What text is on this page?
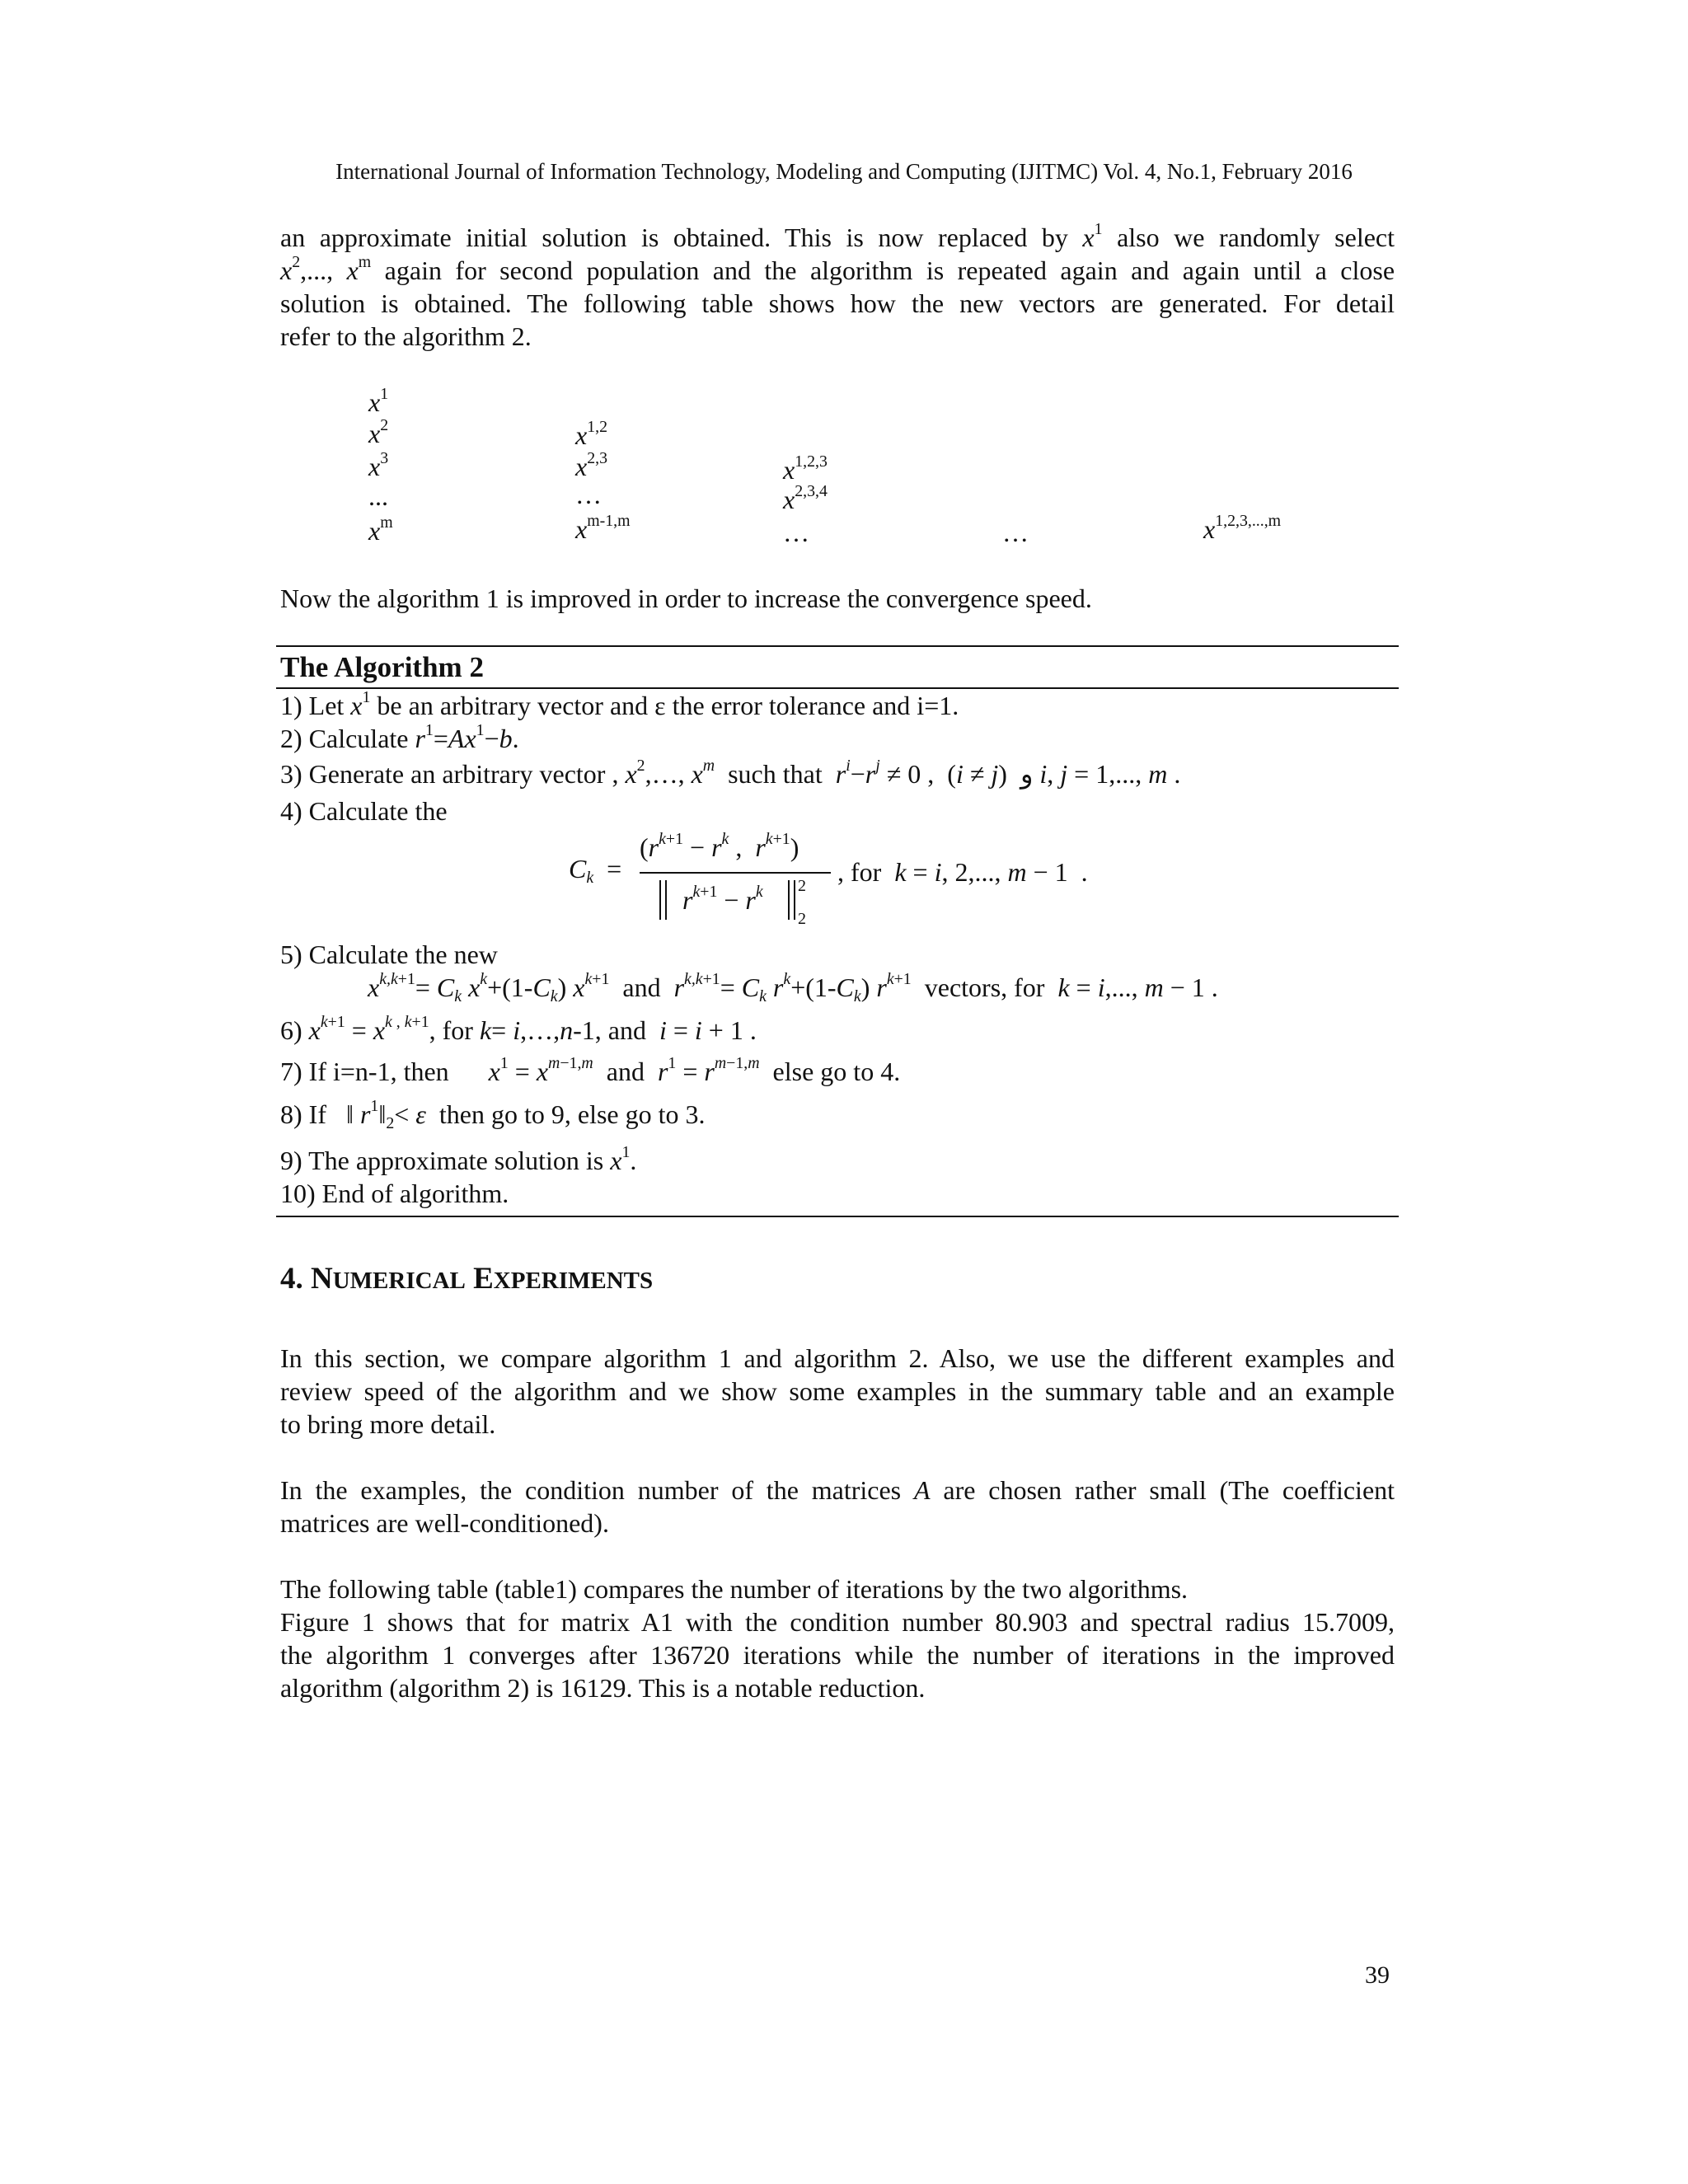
International Journal of Information Technology, Modeling and Computing (IJITMC) Vol. 4, No.1, February 2016
an approximate initial solution is obtained. This is now replaced by $x^1$ also we randomly select
$x^2$,..., $x^m$ again for second population and the algorithm is repeated again and again until a close
solution is obtained. The following table shows how the new vectors are generated. For detail
refer to the algorithm 2.
$x^1$
$x^2$
$x^3$
...
$x^m$
$x^{1,2}$
$x^{2,3}$
…
$x^{m-1,m}$
$x^{1,2,3}$
$x^{2,3,4}$
…	…	$x^{1,2,3,...,m}$
Now the algorithm 1 is improved in order to increase the convergence speed.
The Algorithm 2
1) Let $x^1$ be an arbitrary vector and ε the error tolerance and i=1.
2) Calculate $r^1=Ax^1-b$.
3) Generate an arbitrary vector , $x^2,\dots$, $x^m$ such that $r^i-r^j \ne 0$ ,  (i ≠ j)  و i, j = 1,..., m .
4) Calculate the
$C_k$  =
($r^{k+1} - r^k$ ,  $r^{k+1}$)
$r^{k+1} - r^k$ 2
2
, for k = i, 2,..., m − 1  .
5) Calculate the new
$x^{k,k+1}= C_k$ $x^k+(1-C_k)$ $x^{k+1}$ and $r^{k,k+1}= C_k$ $r^k+(1-C_k)$ $r^{k+1}$ vectors, for k = i,..., m − 1 .
6) $x^{k+1} = x^{k , k+1}$, for k= i,…,n-1, and i = i + 1 .
7) If i=n-1, then $x^1 = x^{m-1,m}$ and $r^1 = r^{m-1,m}$ else go to 4.
8) If   ‖ $r^1‖_2< \varepsilon$ then go to 9, else go to 3.
9) The approximate solution is $x^1$.
10) End of algorithm.
4. NUMERICAL EXPERIMENTS
In this section, we compare algorithm 1 and algorithm 2. Also, we use the different examples and
review speed of the algorithm and we show some examples in the summary table and an example
to bring more detail.
In the examples, the condition number of the matrices A are chosen rather small (The coefficient
matrices are well-conditioned).
The following table (table1) compares the number of iterations by the two algorithms.
Figure 1 shows that for matrix A1 with the condition number 80.903 and spectral radius 15.7009,
the algorithm 1 converges after 136720 iterations while the number of iterations in the improved
algorithm (algorithm 2) is 16129. This is a notable reduction.
39
